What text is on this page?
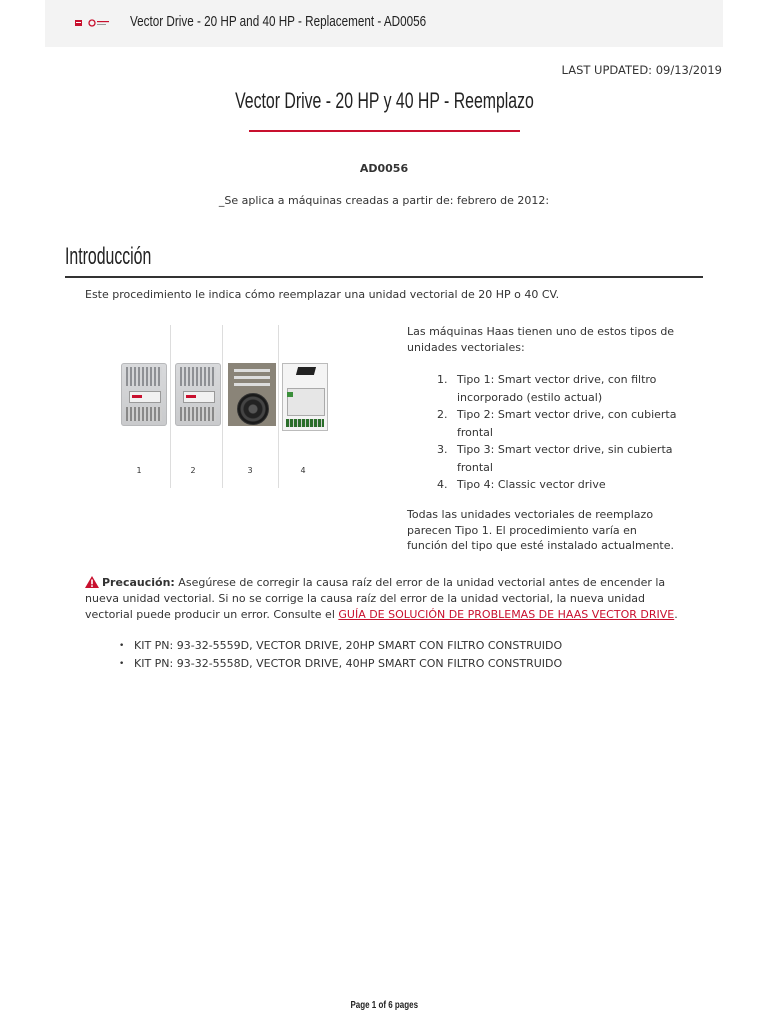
Vector Drive - 20 HP and 40 HP - Replacement - AD0056
LAST UPDATED: 09/13/2019
Vector Drive - 20 HP y 40 HP - Reemplazo
AD0056
_Se aplica a máquinas creadas a partir de: febrero de 2012:
Introducción
Este procedimiento le indica cómo reemplazar una unidad vectorial de 20 HP o 40 CV.
1	2	3	4
Las máquinas Haas tienen uno de estos tipos de unidades vectoriales:
1. Tipo 1: Smart vector drive, con filtro incorporado (estilo actual)
2. Tipo 2: Smart vector drive, con cubierta frontal
3. Tipo 3: Smart vector drive, sin cubierta frontal
4. Tipo 4: Classic vector drive
Todas las unidades vectoriales de reemplazo parecen Tipo 1. El procedimiento varía en función del tipo que esté instalado actualmente.
Precaución: Asegúrese de corregir la causa raíz del error de la unidad vectorial antes de encender la nueva unidad vectorial. Si no se corrige la causa raíz del error de la unidad vectorial, la nueva unidad vectorial puede producir un error. Consulte el GUÍA DE SOLUCIÓN DE PROBLEMAS DE HAAS VECTOR DRIVE.
• KIT PN: 93-32-5559D, VECTOR DRIVE, 20HP SMART CON FILTRO CONSTRUIDO
• KIT PN: 93-32-5558D, VECTOR DRIVE, 40HP SMART CON FILTRO CONSTRUIDO
Page 1 of 6 pages
